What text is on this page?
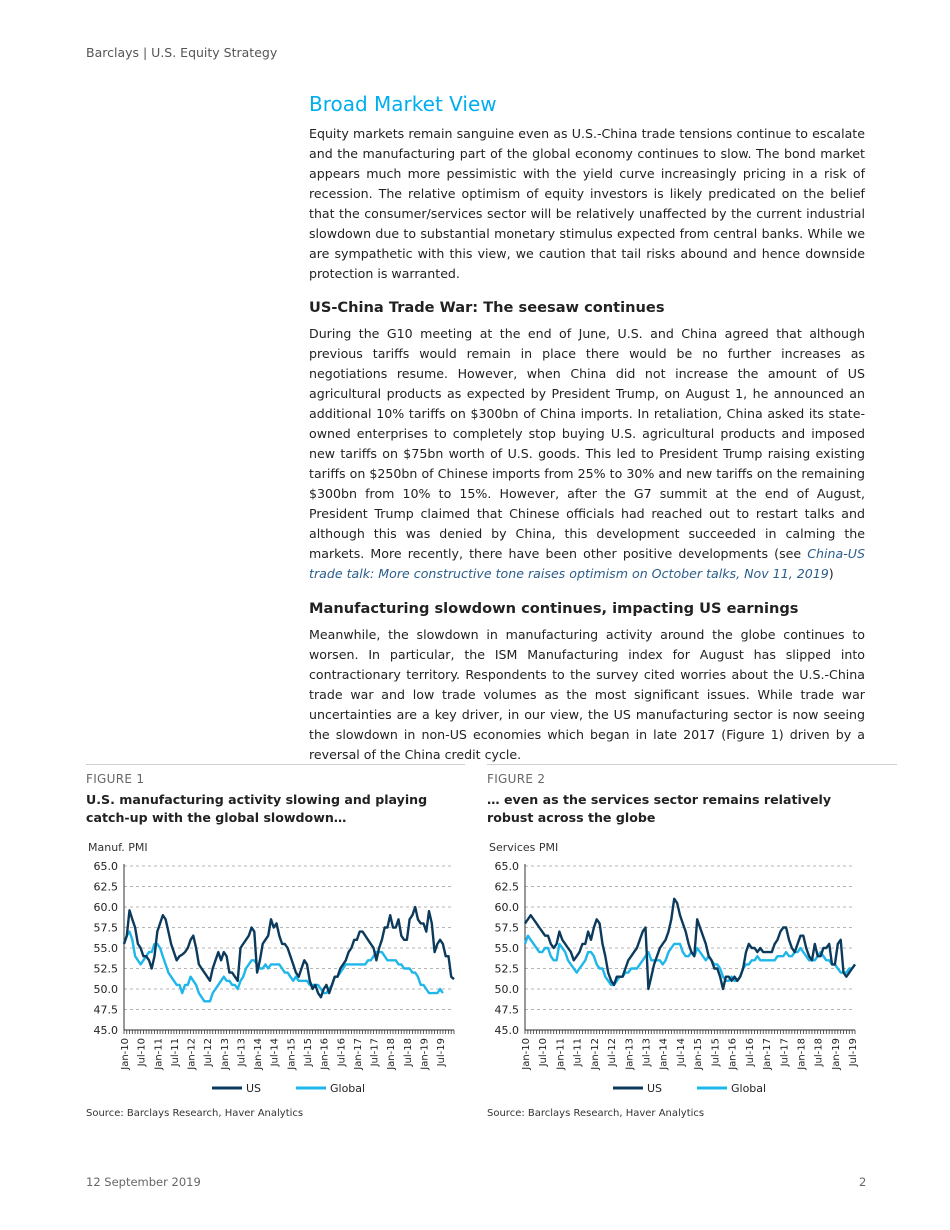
Barclays | U.S. Equity Strategy
Broad Market View
Equity markets remain sanguine even as U.S.-China trade tensions continue to escalate and the manufacturing part of the global economy continues to slow. The bond market appears much more pessimistic with the yield curve increasingly pricing in a risk of recession. The relative optimism of equity investors is likely predicated on the belief that the consumer/services sector will be relatively unaffected by the current industrial slowdown due to substantial monetary stimulus expected from central banks. While we are sympathetic with this view, we caution that tail risks abound and hence downside protection is warranted.
US-China Trade War: The seesaw continues
During the G10 meeting at the end of June, U.S. and China agreed that although previous tariffs would remain in place there would be no further increases as negotiations resume. However, when China did not increase the amount of US agricultural products as expected by President Trump, on August 1, he announced an additional 10% tariffs on $300bn of China imports. In retaliation, China asked its state-owned enterprises to completely stop buying U.S. agricultural products and imposed new tariffs on $75bn worth of U.S. goods. This led to President Trump raising existing tariffs on $250bn of Chinese imports from 25% to 30% and new tariffs on the remaining $300bn from 10% to 15%. However, after the G7 summit at the end of August, President Trump claimed that Chinese officials had reached out to restart talks and although this was denied by China, this development succeeded in calming the markets. More recently, there have been other positive developments (see China-US trade talk: More constructive tone raises optimism on October talks, Nov 11, 2019)
Manufacturing slowdown continues, impacting US earnings
Meanwhile, the slowdown in manufacturing activity around the globe continues to worsen. In particular, the ISM Manufacturing index for August has slipped into contractionary territory. Respondents to the survey cited worries about the U.S.-China trade war and low trade volumes as the most significant issues. While trade war uncertainties are a key driver, in our view, the US manufacturing sector is now seeing the slowdown in non-US economies which began in late 2017 (Figure 1) driven by a reversal of the China credit cycle.
FIGURE 1
U.S. manufacturing activity slowing and playing catch-up with the global slowdown…
FIGURE 2
… even as the services sector remains relatively robust across the globe
Manuf. PMI
45.0
47.5
50.0
52.5
55.0
57.5
60.0
62.5
65.0
Jan-10 Jul-10 Jan-11 Jul-11 Jan-12 Jul-12 Jan-13 Jul-13 Jan-14 Jul-14 Jan-15 Jul-15 Jan-16 Jul-16 Jan-17 Jul-17 Jan-18 Jul-18 Jan-19 Jul-19
US	Global
Services PMI
45.0
47.5
50.0
52.5
55.0
57.5
60.0
62.5
65.0
Jan-10 Jul-10 Jan-11 Jul-11 Jan-12 Jul-12 Jan-13 Jul-13 Jan-14 Jul-14 Jan-15 Jul-15 Jan-16 Jul-16 Jan-17 Jul-17 Jan-18 Jul-18 Jan-19 Jul-19
US	Global
Source: Barclays Research, Haver Analytics	Source: Barclays Research, Haver Analytics
12 September 2019	2
